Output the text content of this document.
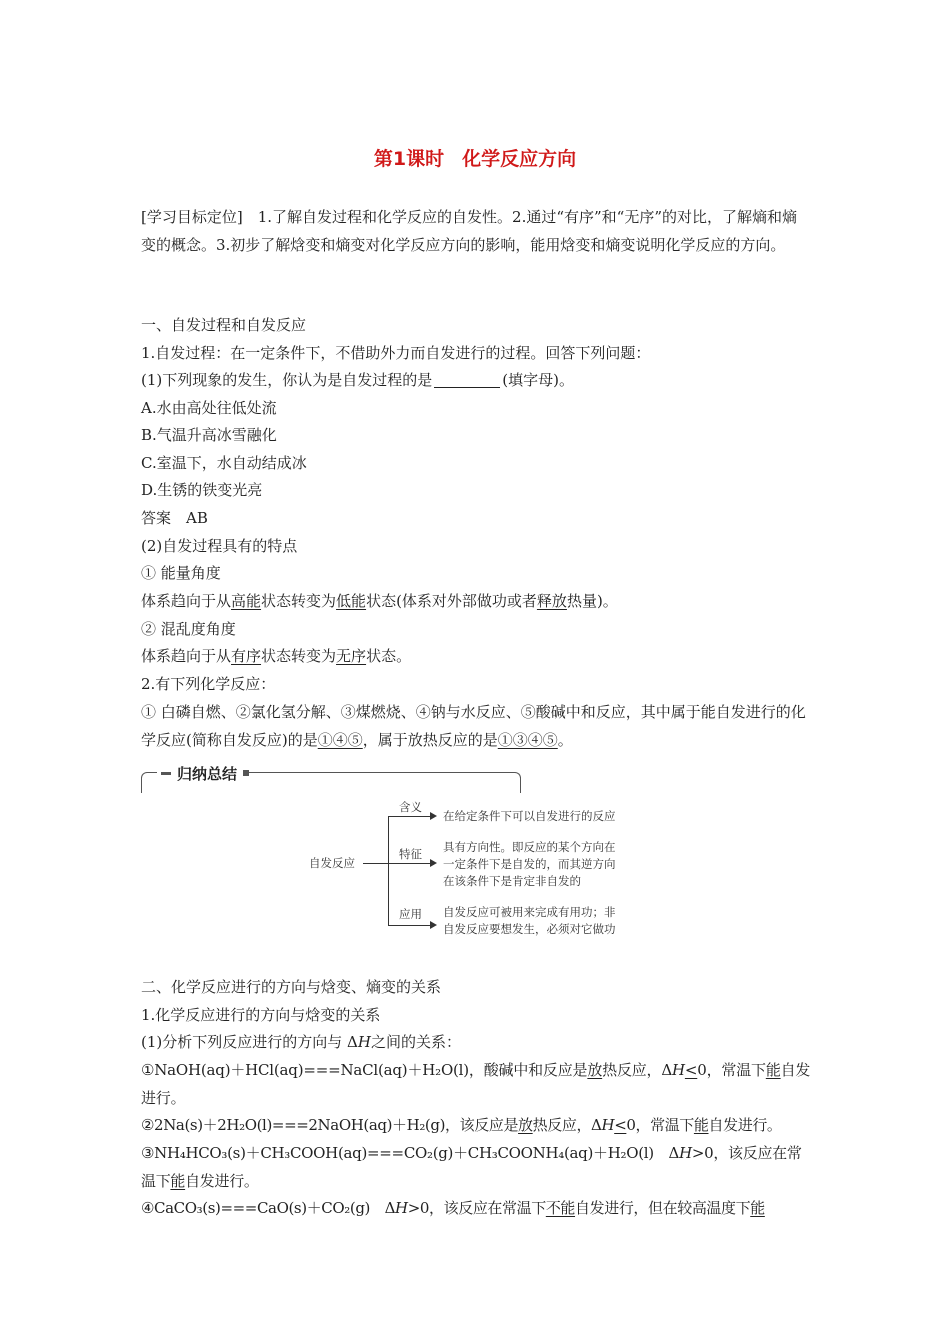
第1课时 化学反应方向
[学习目标定位]　1.了解自发过程和化学反应的自发性。2.通过“有序”和“无序”的对比，了解熵和熵变的概念。3.初步了解焓变和熵变对化学反应方向的影响，能用焓变和熵变说明化学反应的方向。
一、自发过程和自发反应
1.自发过程：在一定条件下，不借助外力而自发进行的过程。回答下列问题：
(1)下列现象的发生，你认为是自发过程的是	(填字母)。
A.水由高处往低处流
B.气温升高冰雪融化
C.室温下，水自动结成冰
D.生锈的铁变光亮
答案　AB
(2)自发过程具有的特点
① 能量角度
体系趋向于从高能状态转变为低能状态(体系对外部做功或者释放热量)。
② 混乱度角度
体系趋向于从有序状态转变为无序状态。
2.有下列化学反应：
① 白磷自燃、②氯化氢分解、③煤燃烧、④钠与水反应、⑤酸碱中和反应，其中属于能自发进行的化学反应(简称自发反应)的是①④⑤，属于放热反应的是①③④⑤。
归纳总结
自发反应
含义
在给定条件下可以自发进行的反应
特征 具有方向性。即反应的某个方向在
一定条件下是自发的，而其逆方向
在该条件下是肯定非自发的
应用 自发反应可被用来完成有用功；非
自发反应要想发生，必须对它做功
二、化学反应进行的方向与焓变、熵变的关系
1.化学反应进行的方向与焓变的关系
(1)分析下列反应进行的方向与 ΔH之间的关系：
①NaOH(aq)＋HCl(aq)===NaCl(aq)＋H₂O(l)，酸碱中和反应是放热反应，ΔH<0，常温下能自发进行。
②2Na(s)＋2H₂O(l)===2NaOH(aq)＋H₂(g)，该反应是放热反应，ΔH<0，常温下能自发进行。
③NH₄HCO₃(s)＋CH₃COOH(aq)===CO₂(g)＋CH₃COONH₄(aq)＋H₂O(l)　ΔH>0，该反应在常温下能自发进行。
④CaCO₃(s)===CaO(s)＋CO₂(g)　ΔH>0，该反应在常温下不能自发进行，但在较高温度下能
